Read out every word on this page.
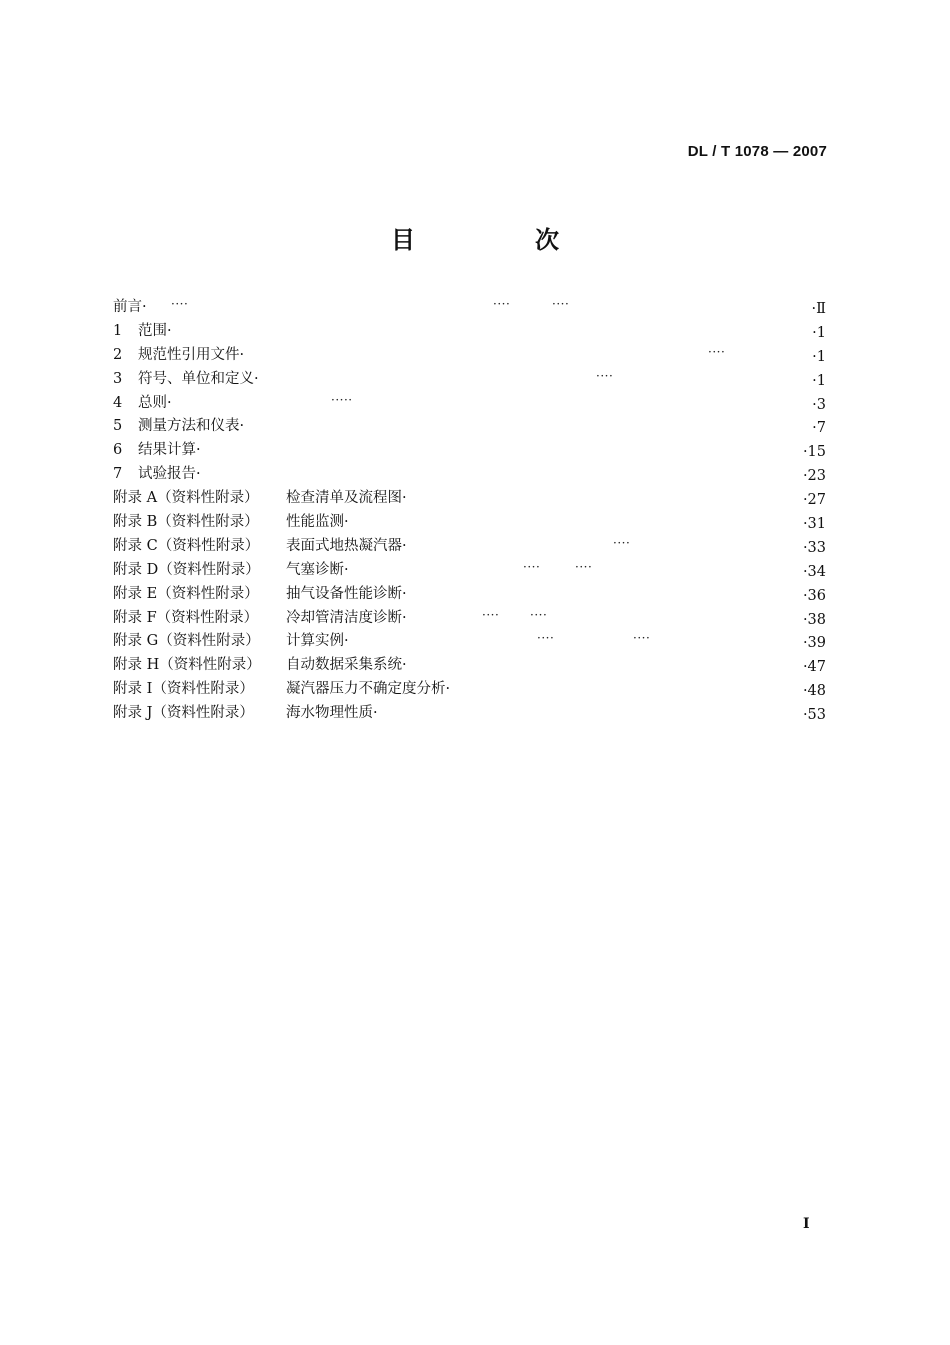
DL / T 1078 — 2007
目　次
前言· ····	····	····	·Ⅱ
1 范围·	·1
2 规范性引用文件·	····	·1
3 符号、单位和定义·	····	·1
4 总则·	·····	·3
5 测量方法和仪表·	·7
6 结果计算·	·15
7 试验报告·	·23
附录 A（资料性附录） 检查清单及流程图·	·27
附录 B（资料性附录） 性能监测·	·31
附录 C（资料性附录） 表面式地热凝汽器·	····	·33
附录 D（资料性附录） 气塞诊断·	····	····	·34
附录 E（资料性附录） 抽气设备性能诊断·	·36
附录 F（资料性附录） 冷却管清洁度诊断·	····	····	·38
附录 G（资料性附录） 计算实例·	····	····	·39
附录 H（资料性附录） 自动数据采集系统·	·47
附录 I（资料性附录） 凝汽器压力不确定度分析·	·48
附录 J（资料性附录） 海水物理性质·	·53
I
